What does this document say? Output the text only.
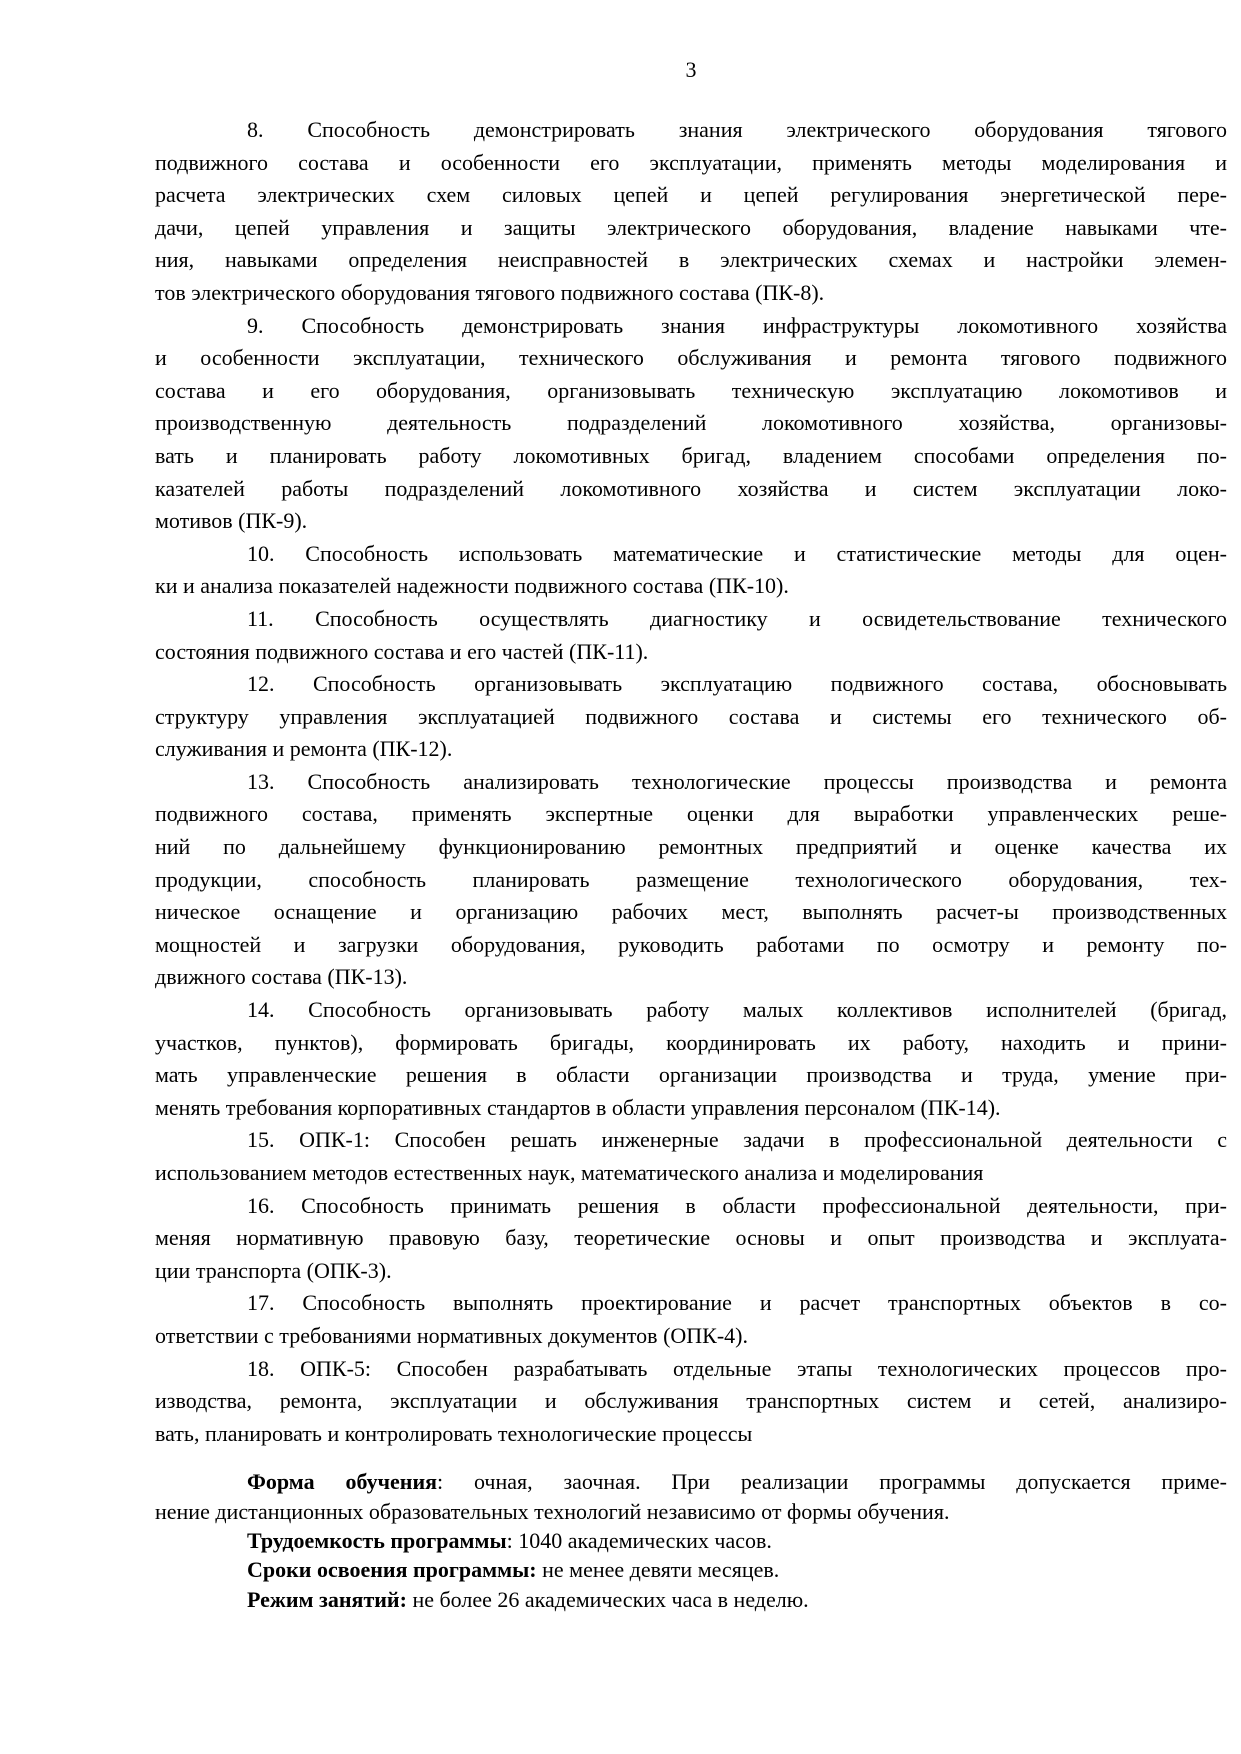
3
8. Способность демонстрировать знания электрического оборудования тягового
подвижного состава и особенности его эксплуатации, применять методы моделирования и
расчета электрических схем силовых цепей и цепей регулирования энергетической пере-
дачи, цепей управления и защиты электрического оборудования, владение навыками чте-
ния, навыками определения неисправностей в электрических схемах и настройки элемен-
тов электрического оборудования тягового подвижного состава (ПК-8).
9. Способность демонстрировать знания инфраструктуры локомотивного хозяйства
и особенности эксплуатации, технического обслуживания и ремонта тягового подвижного
состава и его оборудования, организовывать техническую эксплуатацию локомотивов и
производственную деятельность подразделений локомотивного хозяйства, организовы-
вать и планировать работу локомотивных бригад, владением способами определения по-
казателей работы подразделений локомотивного хозяйства и систем эксплуатации локо-
мотивов (ПК-9).
10. Способность использовать математические и статистические методы для оцен-
ки и анализа показателей надежности подвижного состава (ПК-10).
11. Способность осуществлять диагностику и освидетельствование технического
состояния подвижного состава и его частей (ПК-11).
12. Способность организовывать эксплуатацию подвижного состава, обосновывать
структуру управления эксплуатацией подвижного состава и системы его технического об-
служивания и ремонта (ПК-12).
13. Способность анализировать технологические процессы производства и ремонта
подвижного состава, применять экспертные оценки для выработки управленческих реше-
ний по дальнейшему функционированию ремонтных предприятий и оценке качества их
продукции, способность планировать размещение технологического оборудования, тех-
ническое оснащение и организацию рабочих мест, выполнять расчет-ы производственных
мощностей и загрузки оборудования, руководить работами по осмотру и ремонту по-
движного состава (ПК-13).
14. Способность организовывать работу малых коллективов исполнителей (бригад,
участков, пунктов), формировать бригады, координировать их работу, находить и прини-
мать управленческие решения в области организации производства и труда, умение при-
менять требования корпоративных стандартов в области управления персоналом (ПК-14).
15. ОПК-1: Способен решать инженерные задачи в профессиональной деятельности с
использованием методов естественных наук, математического анализа и моделирования
16. Способность принимать решения в области профессиональной деятельности, при-
меняя нормативную правовую базу, теоретические основы и опыт производства и эксплуата-
ции транспорта (ОПК-3).
17. Способность выполнять проектирование и расчет транспортных объектов в со-
ответствии с требованиями нормативных документов (ОПК-4).
18. ОПК-5: Способен разрабатывать отдельные этапы технологических процессов про-
изводства, ремонта, эксплуатации и обслуживания транспортных систем и сетей, анализиро-
вать, планировать и контролировать технологические процессы
Форма обучения: очная, заочная. При реализации программы допускается приме-
нение дистанционных образовательных технологий независимо от формы обучения.
Трудоемкость программы: 1040 академических часов.
Сроки освоения программы: не менее девяти месяцев.
Режим занятий: не более 26 академических часа в неделю.
